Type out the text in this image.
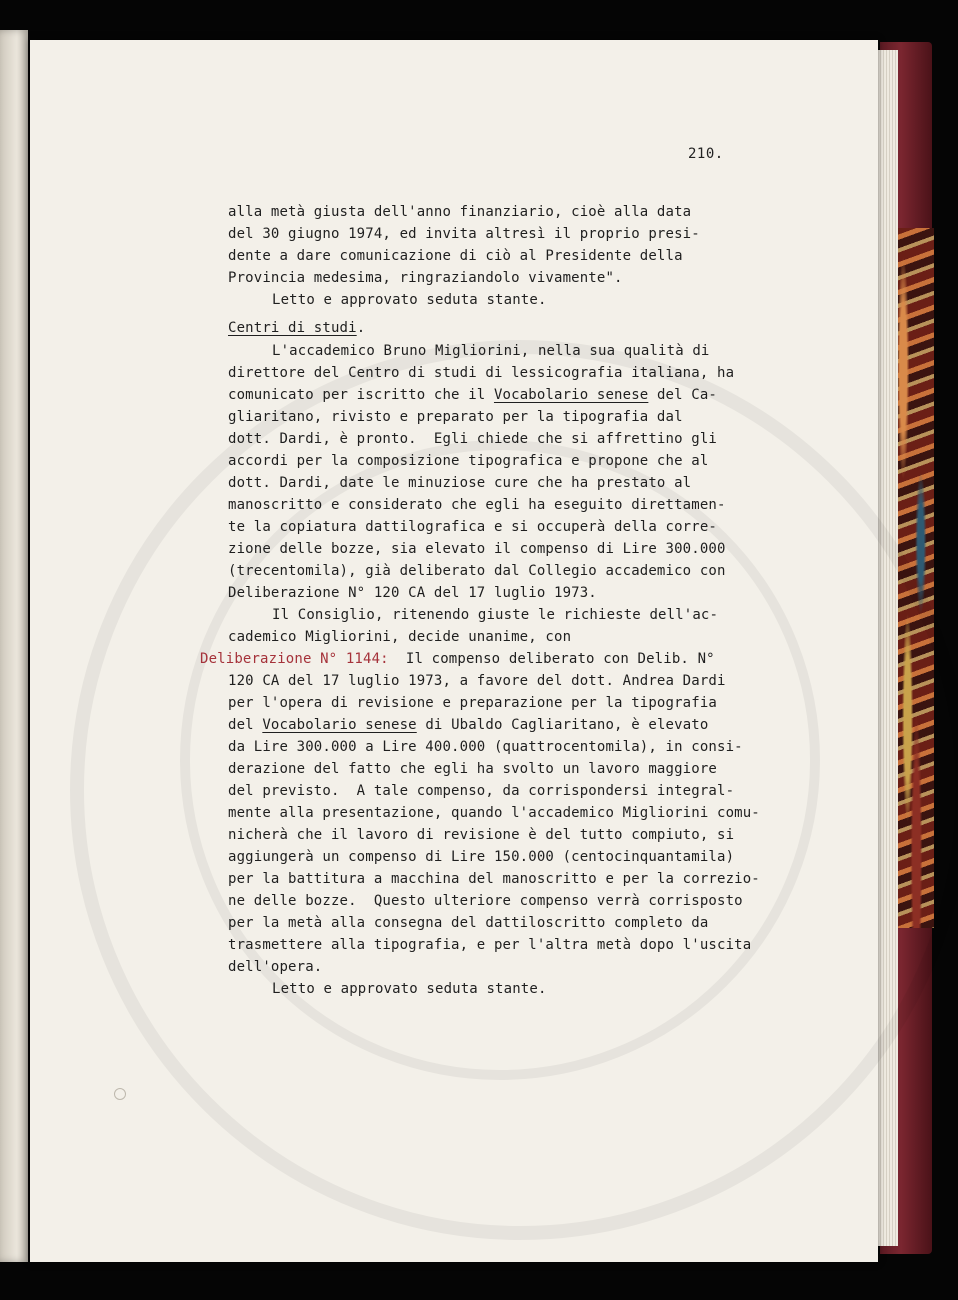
210.
alla metà giusta dell'anno finanziario, cioè alla data
del 30 giugno 1974, ed invita altresì il proprio presi-
dente a dare comunicazione di ciò al Presidente della
Provincia medesima, ringraziandolo vivamente".
Letto e approvato seduta stante.
Centri di studi.
L'accademico Bruno Migliorini, nella sua qualità di
direttore del Centro di studi di lessicografia italiana, ha
comunicato per iscritto che il Vocabolario senese del Ca-
gliaritano, rivisto e preparato per la tipografia dal
dott. Dardi, è pronto.  Egli chiede che si affrettino gli
accordi per la composizione tipografica e propone che al
dott. Dardi, date le minuziose cure che ha prestato al
manoscritto e considerato che egli ha eseguito direttamen-
te la copiatura dattilografica e si occuperà della corre-
zione delle bozze, sia elevato il compenso di Lire 300.000
(trecentomila), già deliberato dal Collegio accademico con
Deliberazione N° 120 CA del 17 luglio 1973.
Il Consiglio, ritenendo giuste le richieste dell'ac-
cademico Migliorini, decide unanime, con
Deliberazione N° 1144:  Il compenso deliberato con Delib. N°
120 CA del 17 luglio 1973, a favore del dott. Andrea Dardi
per l'opera di revisione e preparazione per la tipografia
del Vocabolario senese di Ubaldo Cagliaritano, è elevato
da Lire 300.000 a Lire 400.000 (quattrocentomila), in consi-
derazione del fatto che egli ha svolto un lavoro maggiore
del previsto.  A tale compenso, da corrispondersi integral-
mente alla presentazione, quando l'accademico Migliorini comu-
nicherà che il lavoro di revisione è del tutto compiuto, si
aggiungerà un compenso di Lire 150.000 (centocinquantamila)
per la battitura a macchina del manoscritto e per la correzio-
ne delle bozze.  Questo ulteriore compenso verrà corrisposto
per la metà alla consegna del dattiloscritto completo da
trasmettere alla tipografia, e per l'altra metà dopo l'uscita
dell'opera.
Letto e approvato seduta stante.
